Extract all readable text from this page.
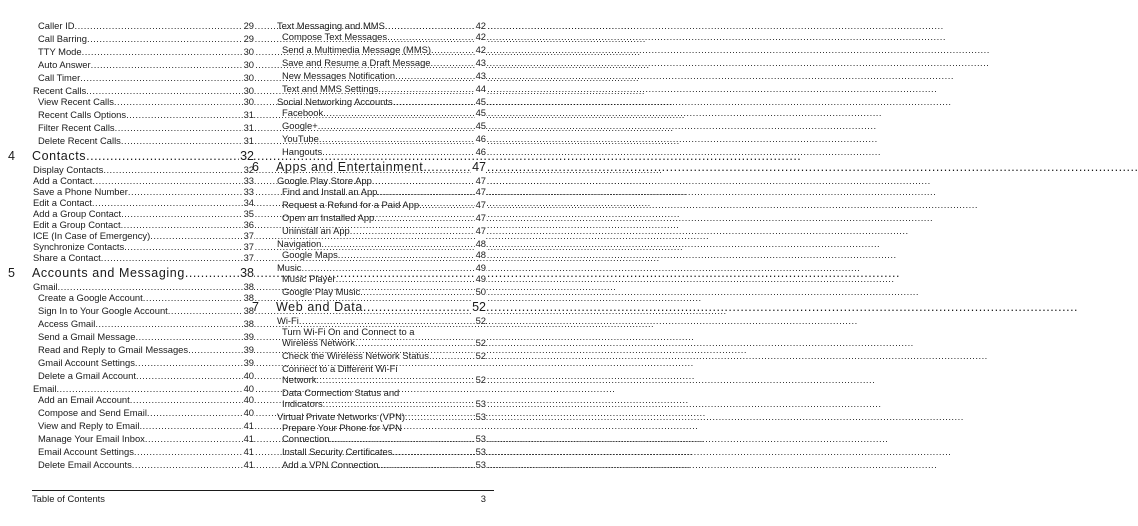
Caller ID	29
.....
Call Barring	29
.....
TTY Mode	30
.....
Auto Answer	30
.....
Call Timer	30
.....
Recent Calls	30
.....
View Recent Calls	30
.....
Recent Calls Options	31
.....
Filter Recent Calls	31
.....
Delete Recent Calls	31
.....
4 Contacts	32
.....
Display Contacts	32
.....
Add a Contact	33
.....
Save a Phone Number	33
.....
Edit a Contact	34
.....
Add a Group Contact	35
.....
Edit a Group Contact	36
.....
ICE (In Case of Emergency)	37
.....
Synchronize Contacts	37
.....
Share a Contact	37
.....
5 Accounts and Messaging	38
.....
Gmail	38
.....
Create a Google Account	38
.....
Sign In to Your Google Account	38
.....
Access Gmail	38
.....
Send a Gmail Message	39
.....
Read and Reply to Gmail Messages	39
.....
Gmail Account Settings	39
.....
Delete a Gmail Account	40
.....
Email	40
.....
Add an Email Account	40
.....
Compose and Send Email	40
.....
View and Reply to Email	41
.....
Manage Your Email Inbox	41
.....
Email Account Settings	41
.....
Delete Email Accounts	41
.....
Text Messaging and MMS	42
.....
Compose Text Messages	42
.....
Send a Multimedia Message (MMS)	42
.....
Save and Resume a Draft Message	43
.....
New Messages Notification	43
.....
Text and MMS Settings	44
.....
Social Networking Accounts	45
.....
Facebook	45
.....
Google+	45
.....
YouTube	46
.....
Hangouts	46
.....
6 Apps and Entertainment	47
.....
Google Play Store App	47
.....
Find and Install an App	47
.....
Request a Refund for a Paid App	47
.....
Open an Installed App	47
.....
Uninstall an App	47
.....
Navigation	48
.....
Google Maps	48
.....
Music	49
.....
Music Player	49
.....
Google Play Music	50
.....
7 Web and Data	52
.....
Wi-Fi	52
.....
Turn Wi-Fi On and Connect to a
Wireless Network .....	52
Check the Wireless Network Status	52
.....
Connect to a Different Wi-Fi
Network .....	52
Data Connection Status and
Indicators .....	53
Virtual Private Networks (VPN)	53
.....
Prepare Your Phone for VPN
Connection .....	53
Install Security Certificates	53
.....
Add a VPN Connection	53
.....
Table of Contents	3
